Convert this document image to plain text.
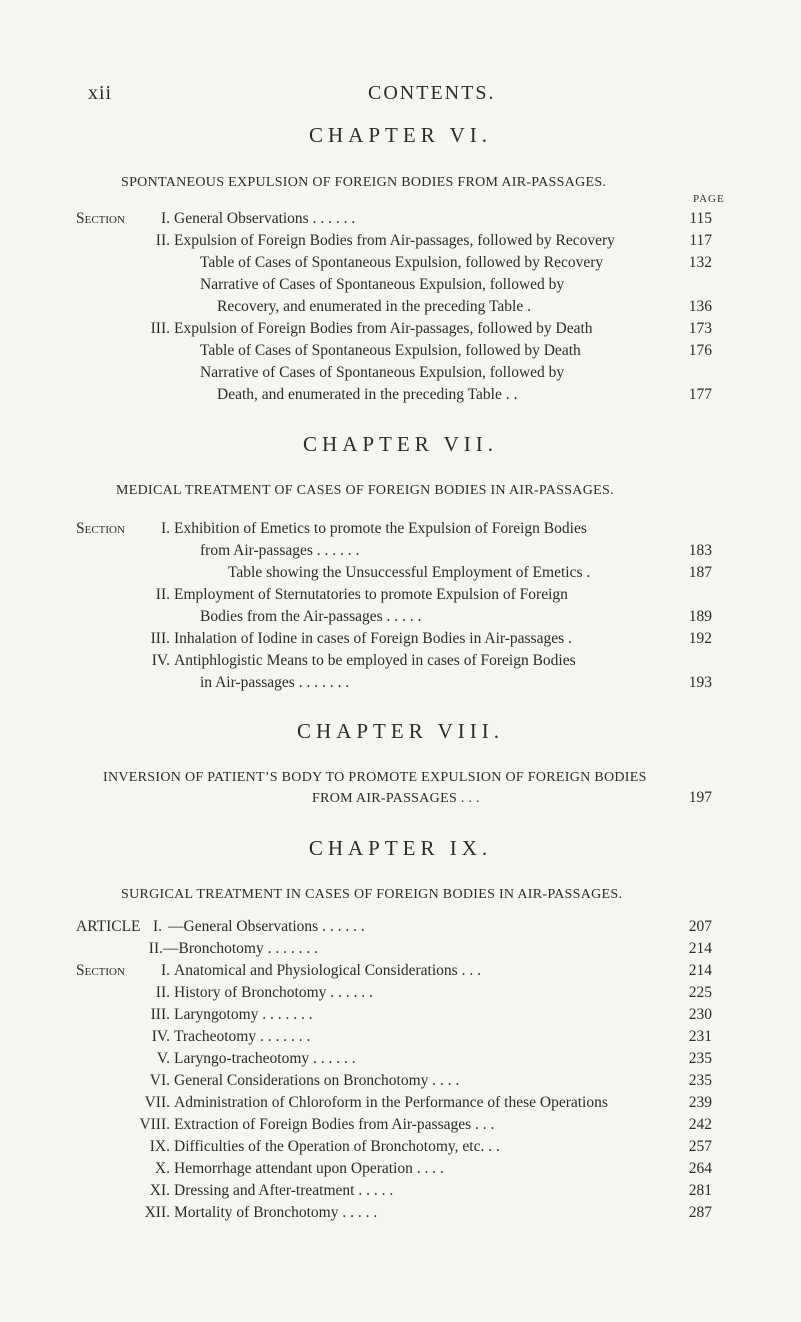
xii	CONTENTS.
CHAPTER VI.
SPONTANEOUS EXPULSION OF FOREIGN BODIES FROM AIR-PASSAGES.
PAGE
Section	I. General Observations . . . . . .	115
II. Expulsion of Foreign Bodies from Air-passages, followed by Recovery	117
Table of Cases of Spontaneous Expulsion, followed by Recovery	132
Narrative of Cases of Spontaneous Expulsion, followed by
Recovery, and enumerated in the preceding Table .	136
III. Expulsion of Foreign Bodies from Air-passages, followed by Death	173
Table of Cases of Spontaneous Expulsion, followed by Death	176
Narrative of Cases of Spontaneous Expulsion, followed by
Death, and enumerated in the preceding Table . .	177
CHAPTER VII.
MEDICAL TREATMENT OF CASES OF FOREIGN BODIES IN AIR-PASSAGES.
Section	I. Exhibition of Emetics to promote the Expulsion of Foreign Bodies
from Air-passages . . . . . .	183
Table showing the Unsuccessful Employment of Emetics .	187
II. Employment of Sternutatories to promote Expulsion of Foreign
Bodies from the Air-passages . . . . .	189
III. Inhalation of Iodine in cases of Foreign Bodies in Air-passages .	192
IV. Antiphlogistic Means to be employed in cases of Foreign Bodies
in Air-passages . . . . . . .	193
CHAPTER VIII.
INVERSION OF PATIENT’S BODY TO PROMOTE EXPULSION OF FOREIGN BODIES
FROM AIR-PASSAGES . . .	197
CHAPTER IX.
SURGICAL TREATMENT IN CASES OF FOREIGN BODIES IN AIR-PASSAGES.
ARTICLE I. —General Observations . . . . . .	207
II. —Bronchotomy . . . . . . .	214
Section	I. Anatomical and Physiological Considerations . . .	214
II. History of Bronchotomy . . . . . .	225
III. Laryngotomy . . . . . . .	230
IV. Tracheotomy . . . . . . .	231
V. Laryngo-tracheotomy . . . . . .	235
VI. General Considerations on Bronchotomy . . . .	235
VII. Administration of Chloroform in the Performance of these Operations	239
VIII. Extraction of Foreign Bodies from Air-passages . . .	242
IX. Difficulties of the Operation of Bronchotomy, etc. . .	257
X. Hemorrhage attendant upon Operation . . . .	264
XI. Dressing and After-treatment . . . . .	281
XII. Mortality of Bronchotomy . . . . .	287
